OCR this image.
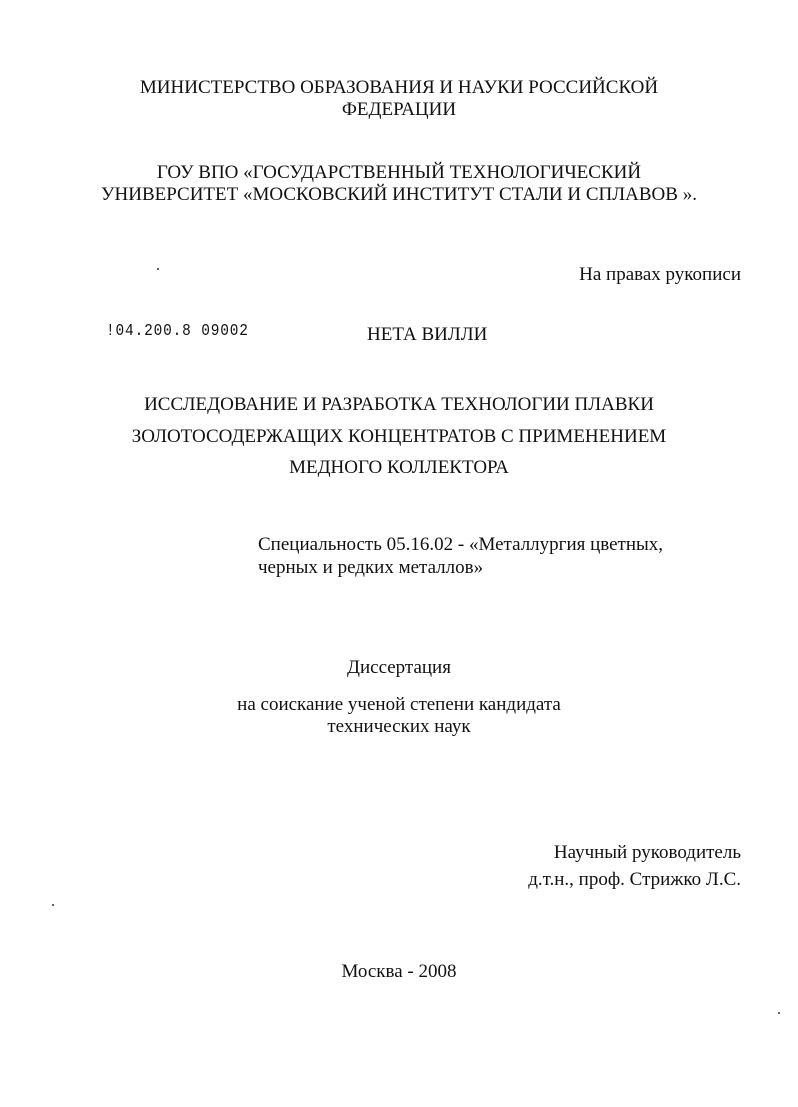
МИНИСТЕРСТВО ОБРАЗОВАНИЯ И НАУКИ РОССИЙСКОЙ
ФЕДЕРАЦИИ
ГОУ ВПО «ГОСУДАРСТВЕННЫЙ ТЕХНОЛОГИЧЕСКИЙ
УНИВЕРСИТЕТ «МОСКОВСКИЙ ИНСТИТУТ СТАЛИ И СПЛАВОВ ».
На правах рукописи
!04.200.8 09002	НЕТА ВИЛЛИ
ИССЛЕДОВАНИЕ И РАЗРАБОТКА ТЕХНОЛОГИИ ПЛАВКИ
ЗОЛОТОСОДЕРЖАЩИХ КОНЦЕНТРАТОВ С ПРИМЕНЕНИЕМ
МЕДНОГО КОЛЛЕКТОРА
Специальность 05.16.02 - «Металлургия цветных,
черных и редких металлов»
Диссертация
на соискание ученой степени кандидата
технических наук
Научный руководитель
д.т.н., проф. Стрижко Л.С.
Москва - 2008
